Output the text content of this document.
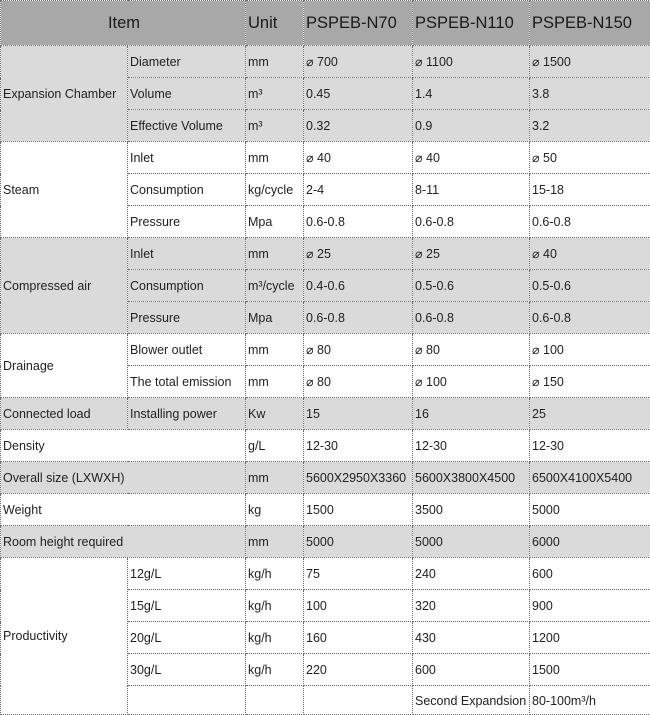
Item		Unit	PSPEB-N70	PSPEB-N110	PSPEB-N150
Expansion Chamber	Diameter	mm	⌀ 700	⌀ 1100	⌀ 1500
	Volume	m³	0.45	1.4	3.8
	Effective Volume	m³	0.32	0.9	3.2
Steam	Inlet	mm	⌀ 40	⌀ 40	⌀ 50
	Consumption	kg/cycle	2-4	8-11	15-18
	Pressure	Mpa	0.6-0.8	0.6-0.8	0.6-0.8
Compressed air	Inlet	mm	⌀ 25	⌀ 25	⌀ 40
	Consumption	m³/cycle	0.4-0.6	0.5-0.6	0.5-0.6
	Pressure	Mpa	0.6-0.8	0.6-0.8	0.6-0.8
Drainage	Blower outlet	mm	⌀ 80	⌀ 80	⌀ 100
	The total emission	mm	⌀ 80	⌀ 100	⌀ 150
Connected load	Installing power	Kw	15	16	25
Density		g/L	12-30	12-30	12-30
Overall size (LXWXH)		mm	5600X2950X3360	5600X3800X4500	6500X4100X5400
Weight		kg	1500	3500	5000
Room height required		mm	5000	5000	6000
Productivity	12g/L	kg/h	75	240	600
	15g/L	kg/h	100	320	900
	20g/L	kg/h	160	430	1200
	30g/L	kg/h	220	600	1500
				Second Expandsion	80-100m³/h
